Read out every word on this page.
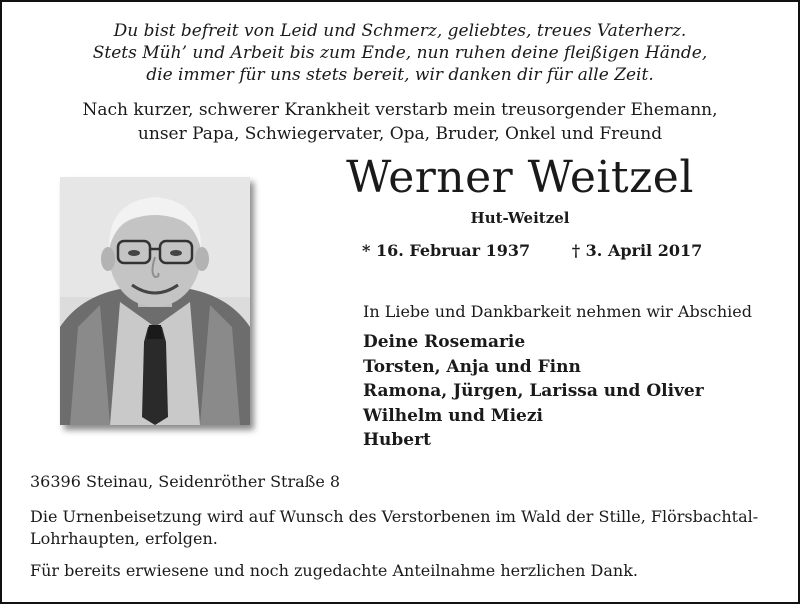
Du bist befreit von Leid und Schmerz, geliebtes, treues Vaterherz.
Stets Müh’ und Arbeit bis zum Ende, nun ruhen deine fleißigen Hände,
die immer für uns stets bereit, wir danken dir für alle Zeit.
Nach kurzer, schwerer Krankheit verstarb mein treusorgender Ehemann,
unser Papa, Schwiegervater, Opa, Bruder, Onkel und Freund
Werner Weitzel
Hut-Weitzel
* 16. Februar 1937	† 3. April 2017
In Liebe und Dankbarkeit nehmen wir Abschied
Deine Rosemarie
Torsten, Anja und Finn
Ramona, Jürgen, Larissa und Oliver
Wilhelm und Miezi
Hubert
36396 Steinau, Seidenröther Straße 8
Die Urnenbeisetzung wird auf Wunsch des Verstorbenen im Wald der Stille, Flörsbachtal-Lohrhaupten, erfolgen.
Für bereits erwiesene und noch zugedachte Anteilnahme herzlichen Dank.
